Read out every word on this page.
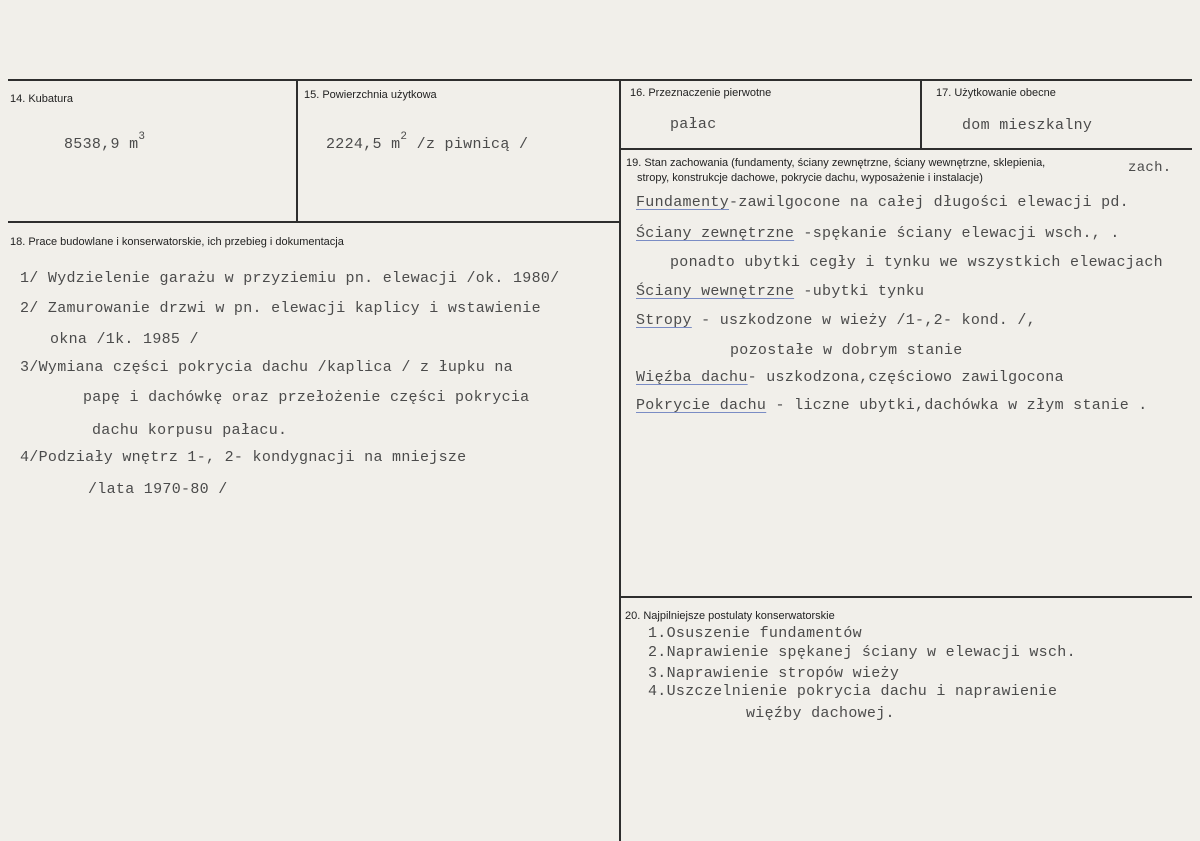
14. Kubatura
8538,9 $m^3$
15. Powierzchnia użytkowa
2224,5 $m^2$ /z piwnicą /
16. Przeznaczenie pierwotne
pałac
17. Użytkowanie obecne
dom mieszkalny
18. Prace budowlane i konserwatorskie, ich przebieg i dokumentacja
1/ Wydzielenie garażu w przyziemiu pn. elewacji /ok. 1980/
2/ Zamurowanie drzwi w pn. elewacji kaplicy i wstawienie
okna /1k. 1985 /
3/Wymiana części pokrycia dachu /kaplica / z łupku na
papę i dachówkę oraz przełożenie części pokrycia
dachu korpusu pałacu.
4/Podziały wnętrz 1-, 2- kondygnacji na mniejsze
/lata 1970-80 /
19. Stan zachowania (fundamenty, ściany zewnętrzne, ściany wewnętrzne, sklepienia,
stropy, konstrukcje dachowe, pokrycie dachu, wyposażenie i instalacje)
zach.
Fundamenty-zawilgocone na całej długości elewacji pd.
Ściany zewnętrzne -spękanie ściany elewacji wsch., .
ponadto ubytki cegły i tynku we wszystkich elewacjach
Ściany wewnętrzne -ubytki tynku
Stropy - uszkodzone w wieży /1-,2- kond. /,
pozostałe w dobrym stanie
Więźba dachu- uszkodzona,częściowo zawilgocona
Pokrycie dachu - liczne ubytki,dachówka w złym stanie .
20. Najpilniejsze postulaty konserwatorskie
1.Osuszenie fundamentów
2.Naprawienie spękanej ściany w elewacji wsch.
3.Naprawienie stropów wieży
4.Uszczelnienie pokrycia dachu i naprawienie
więźby dachowej.
